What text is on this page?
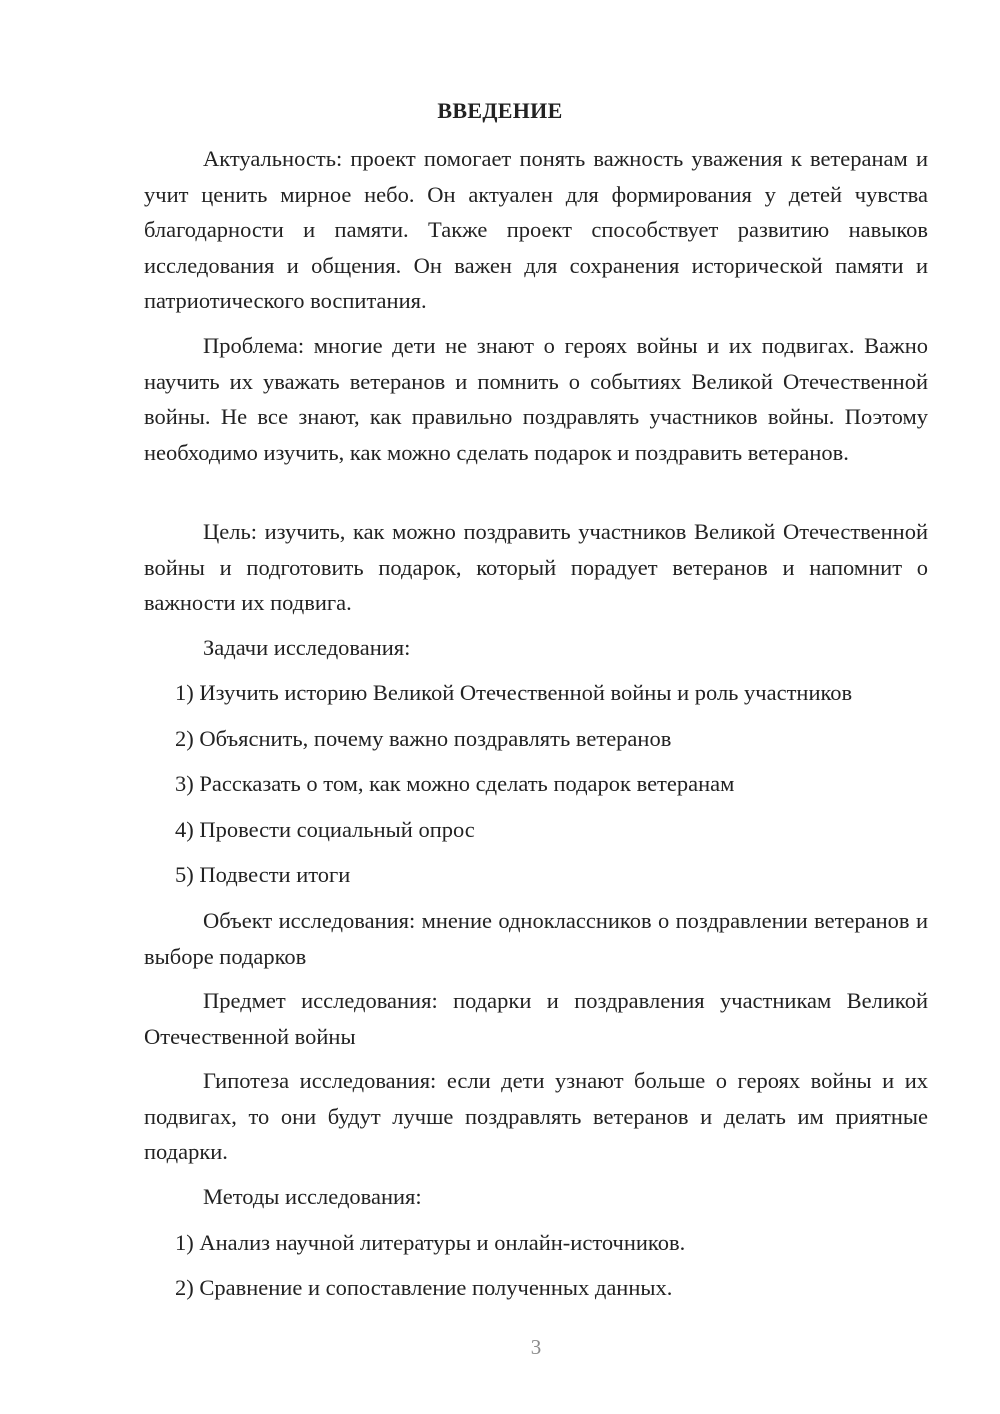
ВВЕДЕНИЕ

Актуальность: проект помогает понять важность уважения к ветеранам и учит ценить мирное небо. Он актуален для формирования у детей чувства благодарности и памяти. Также проект способствует развитию навыков исследования и общения. Он важен для сохранения исторической памяти и патриотического воспитания.

Проблема: многие дети не знают о героях войны и их подвигах. Важно научить их уважать ветеранов и помнить о событиях Великой Отечественной войны. Не все знают, как правильно поздравлять участников войны. Поэтому необходимо изучить, как можно сделать подарок и поздравить ветеранов.

Цель: изучить, как можно поздравить участников Великой Отечественной войны и подготовить подарок, который порадует ветеранов и напомнит о важности их подвига.

Задачи исследования:
1) Изучить историю Великой Отечественной войны и роль участников
2) Объяснить, почему важно поздравлять ветеранов
3) Рассказать о том, как можно сделать подарок ветеранам
4) Провести социальный опрос
5) Подвести итоги

Объект исследования: мнение одноклассников о поздравлении ветеранов и выборе подарков

Предмет исследования: подарки и поздравления участникам Великой Отечественной войны

Гипотеза исследования: если дети узнают больше о героях войны и их подвигах, то они будут лучше поздравлять ветеранов и делать им приятные подарки.

Методы исследования:
1) Анализ научной литературы и онлайн-источников.
2) Сравнение и сопоставление полученных данных.
3
